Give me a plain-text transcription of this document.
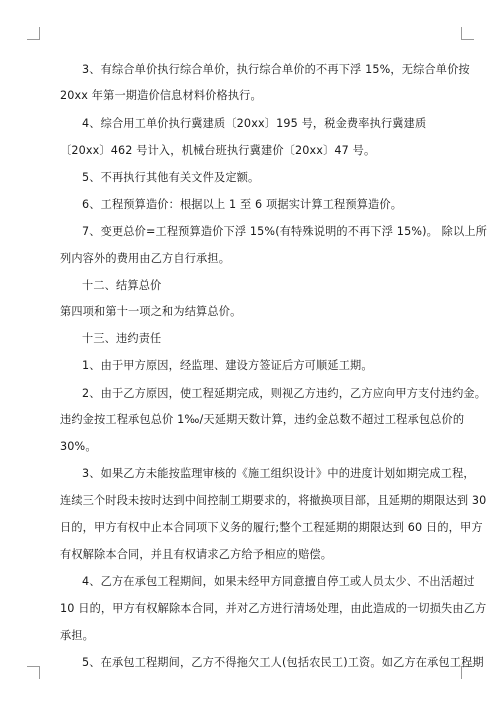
3、有综合单价执行综合单价，执行综合单价的不再下浮 15%，无综合单价按
20xx 年第一期造价信息材料价格执行。
4、综合用工单价执行冀建质〔20xx〕195 号，税金费率执行冀建质
〔20xx〕462 号计入，机械台班执行冀建价〔20xx〕47 号。
5、不再执行其他有关文件及定额。
6、工程预算造价：根据以上 1 至 6 项据实计算工程预算造价。
7、变更总价=工程预算造价下浮 15%(有特殊说明的不再下浮 15%)。 除以上所
列内容外的费用由乙方自行承担。
十二、结算总价
第四项和第十一项之和为结算总价。
十三、违约责任
1、由于甲方原因，经监理、建设方签证后方可顺延工期。
2、由于乙方原因，使工程延期完成，则视乙方违约，乙方应向甲方支付违约金。
违约金按工程承包总价 1‰/天延期天数计算，违约金总数不超过工程承包总价的
30%。
3、如果乙方未能按监理审核的《施工组织设计》中的进度计划如期完成工程，
连续三个时段未按时达到中间控制工期要求的，将撤换项目部，且延期的期限达到 30
日的，甲方有权中止本合同项下义务的履行;整个工程延期的期限达到 60 日的，甲方
有权解除本合同，并且有权请求乙方给予相应的赔偿。
4、乙方在承包工程期间，如果未经甲方同意擅自停工或人员太少、不出活超过
10 日的，甲方有权解除本合同，并对乙方进行清场处理，由此造成的一切损失由乙方
承担。
5、在承包工程期间，乙方不得拖欠工人(包括农民工)工资。如乙方在承包工程期
